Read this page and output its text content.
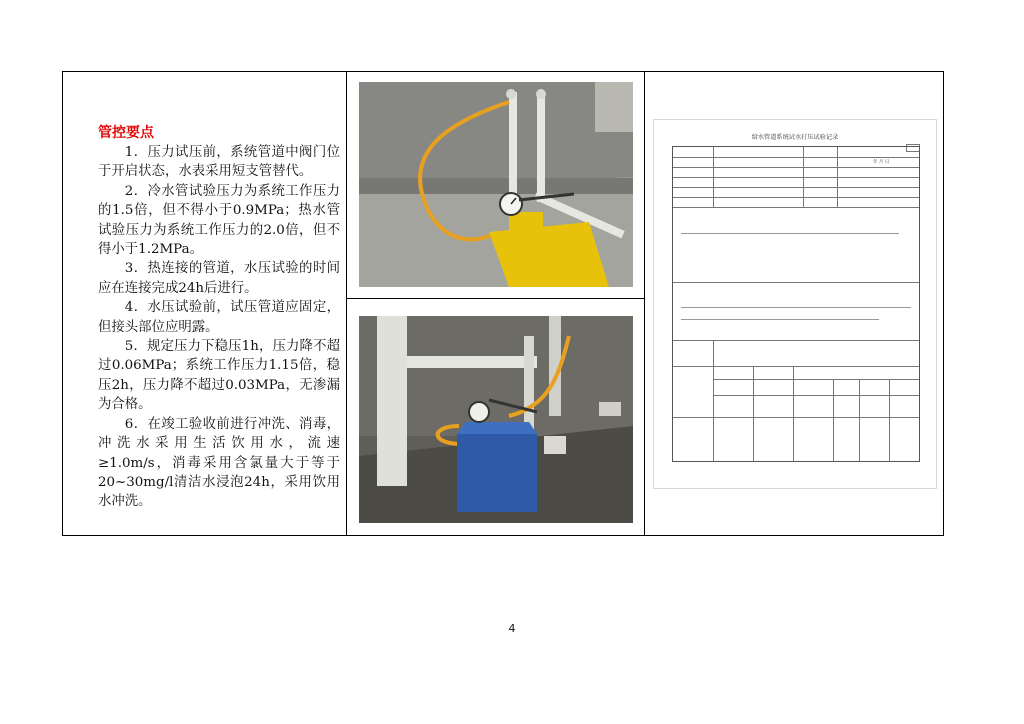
管控要点

1．压力试压前，系统管道中阀门位于开启状态，水表采用短支管替代。

2．冷水管试验压力为系统工作压力的1.5倍，但不得小于0.9MPa；热水管试验压力为系统工作压力的2.0倍，但不得小于1.2MPa。

3．热连接的管道，水压试验的时间应在连接完成24h后进行。

4．水压试验前，试压管道应固定，但接头部位应明露。

5．规定压力下稳压1h，压力降不超过0.06MPa；系统工作压力1.15倍，稳压2h，压力降不超过0.03MPa，无渗漏为合格。

6．在竣工验收前进行冲洗、消毒，冲洗水采用生活饮用水，流速≥1.0m/s，消毒采用含氯量大于等于20~30mg/l清洁水浸泡24h，采用饮用水冲洗。

给水管道系统试水打压试验记录
年 月 日
4
